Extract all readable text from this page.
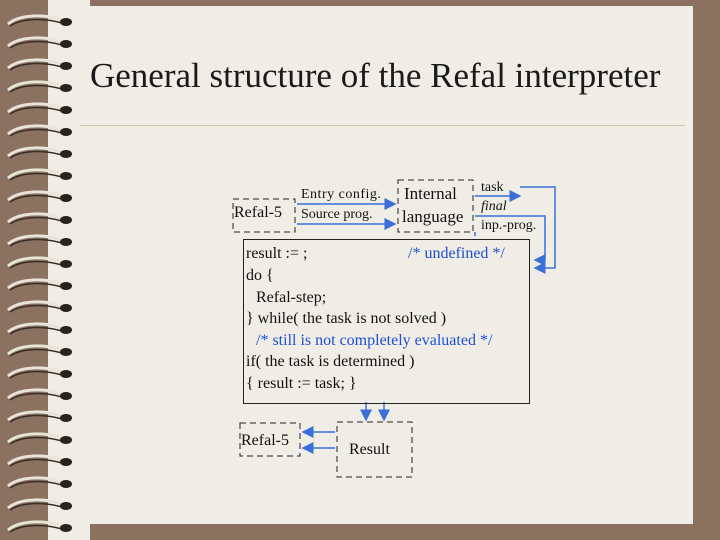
General structure of the Refal interpreter
Refal-5
Entry config.
Source prog.
Internal
language
task
final
inp.-prog.
result := ;	/* undefined */
do {
Refal-step;
} while( the task is not solved )
/* still is not completely evaluated */
if( the task is determined )
{ result := task; }
Refal-5
Result
